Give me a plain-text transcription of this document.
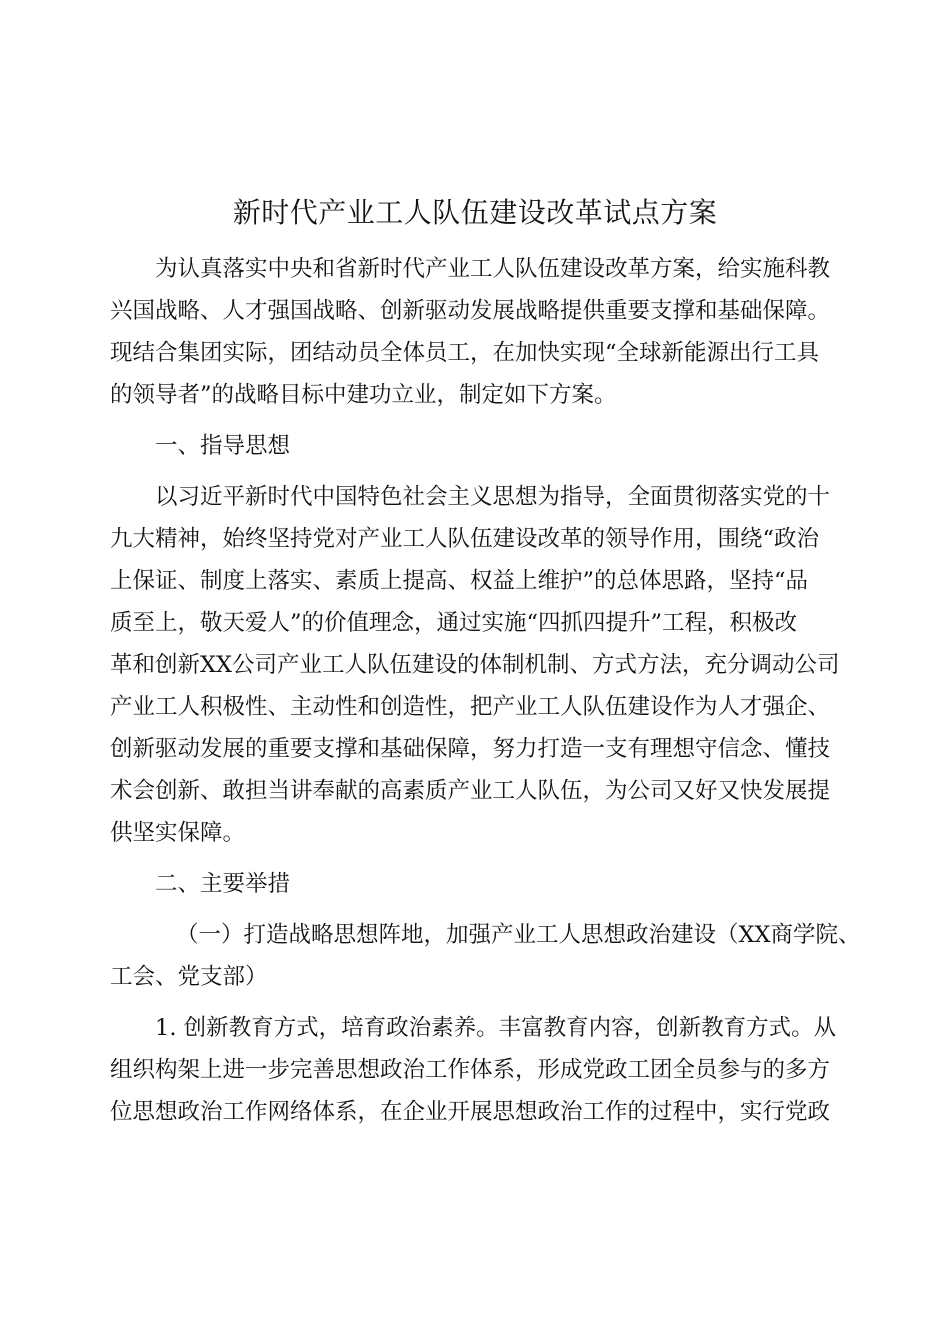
新时代产业工人队伍建设改革试点方案

为认真落实中央和省新时代产业工人队伍建设改革方案，给实施科教
兴国战略、人才强国战略、创新驱动发展战略提供重要支撑和基础保障。
现结合集团实际，团结动员全体员工，在加快实现“全球新能源出行工具
的领导者”的战略目标中建功立业，制定如下方案。

一、指导思想

以习近平新时代中国特色社会主义思想为指导，全面贯彻落实党的十
九大精神，始终坚持党对产业工人队伍建设改革的领导作用，围绕“政治
上保证、制度上落实、素质上提高、权益上维护”的总体思路，坚持“品
质至上，敬天爱人”的价值理念，通过实施“四抓四提升”工程，积极改
革和创新XX公司产业工人队伍建设的体制机制、方式方法，充分调动公司
产业工人积极性、主动性和创造性，把产业工人队伍建设作为人才强企、
创新驱动发展的重要支撑和基础保障，努力打造一支有理想守信念、懂技
术会创新、敢担当讲奉献的高素质产业工人队伍，为公司又好又快发展提
供坚实保障。

二、主要举措

（一）打造战略思想阵地，加强产业工人思想政治建设（XX商学院、
工会、党支部）

1. 创新教育方式，培育政治素养。丰富教育内容，创新教育方式。从
组织构架上进一步完善思想政治工作体系，形成党政工团全员参与的多方
位思想政治工作网络体系，在企业开展思想政治工作的过程中，实行党政
